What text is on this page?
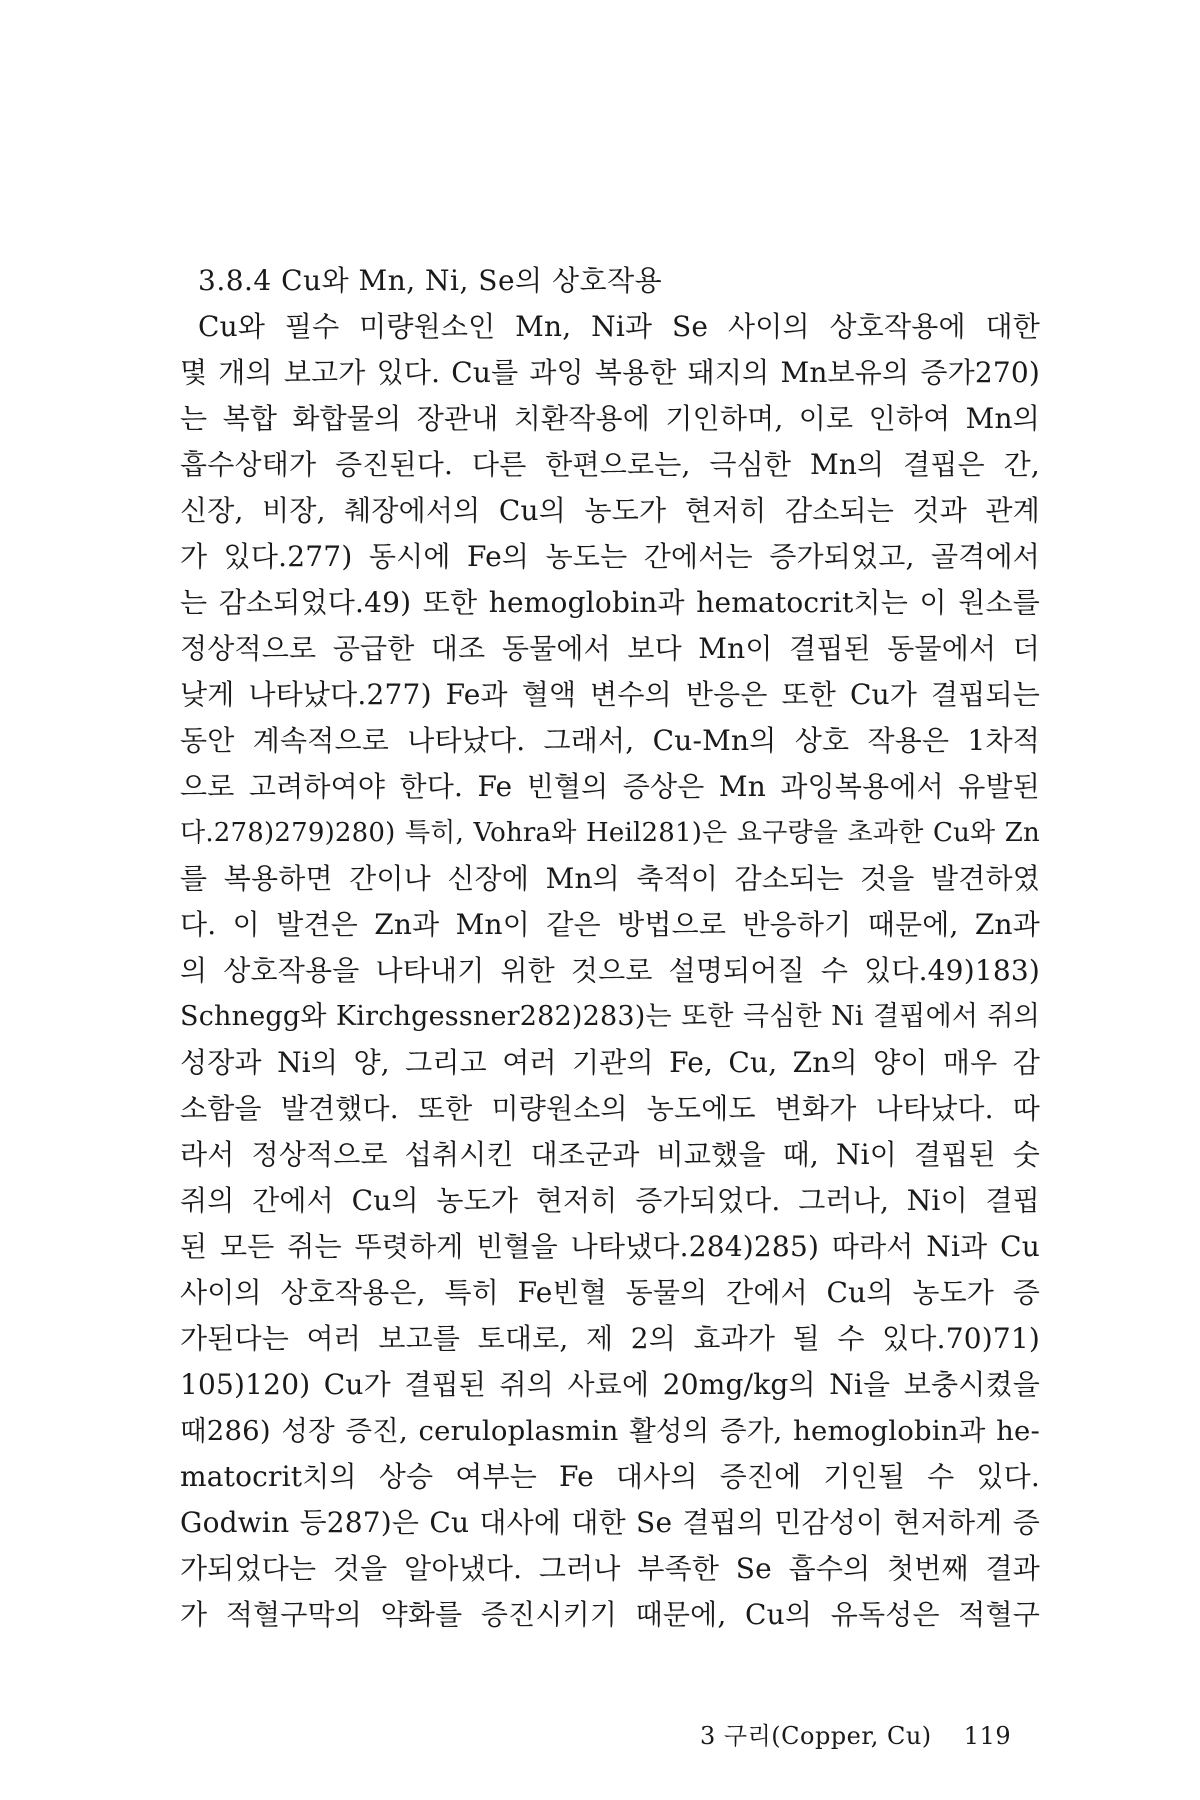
3.8.4 Cu와 Mn, Ni, Se의 상호작용
Cu와 필수 미량원소인 Mn, Ni과 Se 사이의 상호작용에 대한
몇 개의 보고가 있다. Cu를 과잉 복용한 돼지의 Mn보유의 증가270)
는 복합 화합물의 장관내 치환작용에 기인하며, 이로 인하여 Mn의
흡수상태가 증진된다. 다른 한편으로는, 극심한 Mn의 결핍은 간,
신장, 비장, 췌장에서의 Cu의 농도가 현저히 감소되는 것과 관계
가 있다.277) 동시에 Fe의 농도는 간에서는 증가되었고, 골격에서
는 감소되었다.49) 또한 hemoglobin과 hematocrit치는 이 원소를
정상적으로 공급한 대조 동물에서 보다 Mn이 결핍된 동물에서 더
낮게 나타났다.277) Fe과 혈액 변수의 반응은 또한 Cu가 결핍되는
동안 계속적으로 나타났다. 그래서, Cu-Mn의 상호 작용은 1차적
으로 고려하여야 한다. Fe 빈혈의 증상은 Mn 과잉복용에서 유발된
다.278)279)280) 특히, Vohra와 Heil281)은 요구량을 초과한 Cu와 Zn
를 복용하면 간이나 신장에 Mn의 축적이 감소되는 것을 발견하였
다. 이 발견은 Zn과 Mn이 같은 방법으로 반응하기 때문에, Zn과
의 상호작용을 나타내기 위한 것으로 설명되어질 수 있다.49)183)
Schnegg와 Kirchgessner282)283)는 또한 극심한 Ni 결핍에서 쥐의
성장과 Ni의 양, 그리고 여러 기관의 Fe, Cu, Zn의 양이 매우 감
소함을 발견했다. 또한 미량원소의 농도에도 변화가 나타났다. 따
라서 정상적으로 섭취시킨 대조군과 비교했을 때, Ni이 결핍된 숫
쥐의 간에서 Cu의 농도가 현저히 증가되었다. 그러나, Ni이 결핍
된 모든 쥐는 뚜렷하게 빈혈을 나타냈다.284)285) 따라서 Ni과 Cu
사이의 상호작용은, 특히 Fe빈혈 동물의 간에서 Cu의 농도가 증
가된다는 여러 보고를 토대로, 제 2의 효과가 될 수 있다.70)71)
105)120) Cu가 결핍된 쥐의 사료에 20mg/kg의 Ni을 보충시켰을
때286) 성장 증진, ceruloplasmin 활성의 증가, hemoglobin과 he-
matocrit치의 상승 여부는 Fe 대사의 증진에 기인될 수 있다.
Godwin 등287)은 Cu 대사에 대한 Se 결핍의 민감성이 현저하게 증
가되었다는 것을 알아냈다. 그러나 부족한 Se 흡수의 첫번째 결과
가 적혈구막의 약화를 증진시키기 때문에, Cu의 유독성은 적혈구
3 구리(Copper, Cu) 119
